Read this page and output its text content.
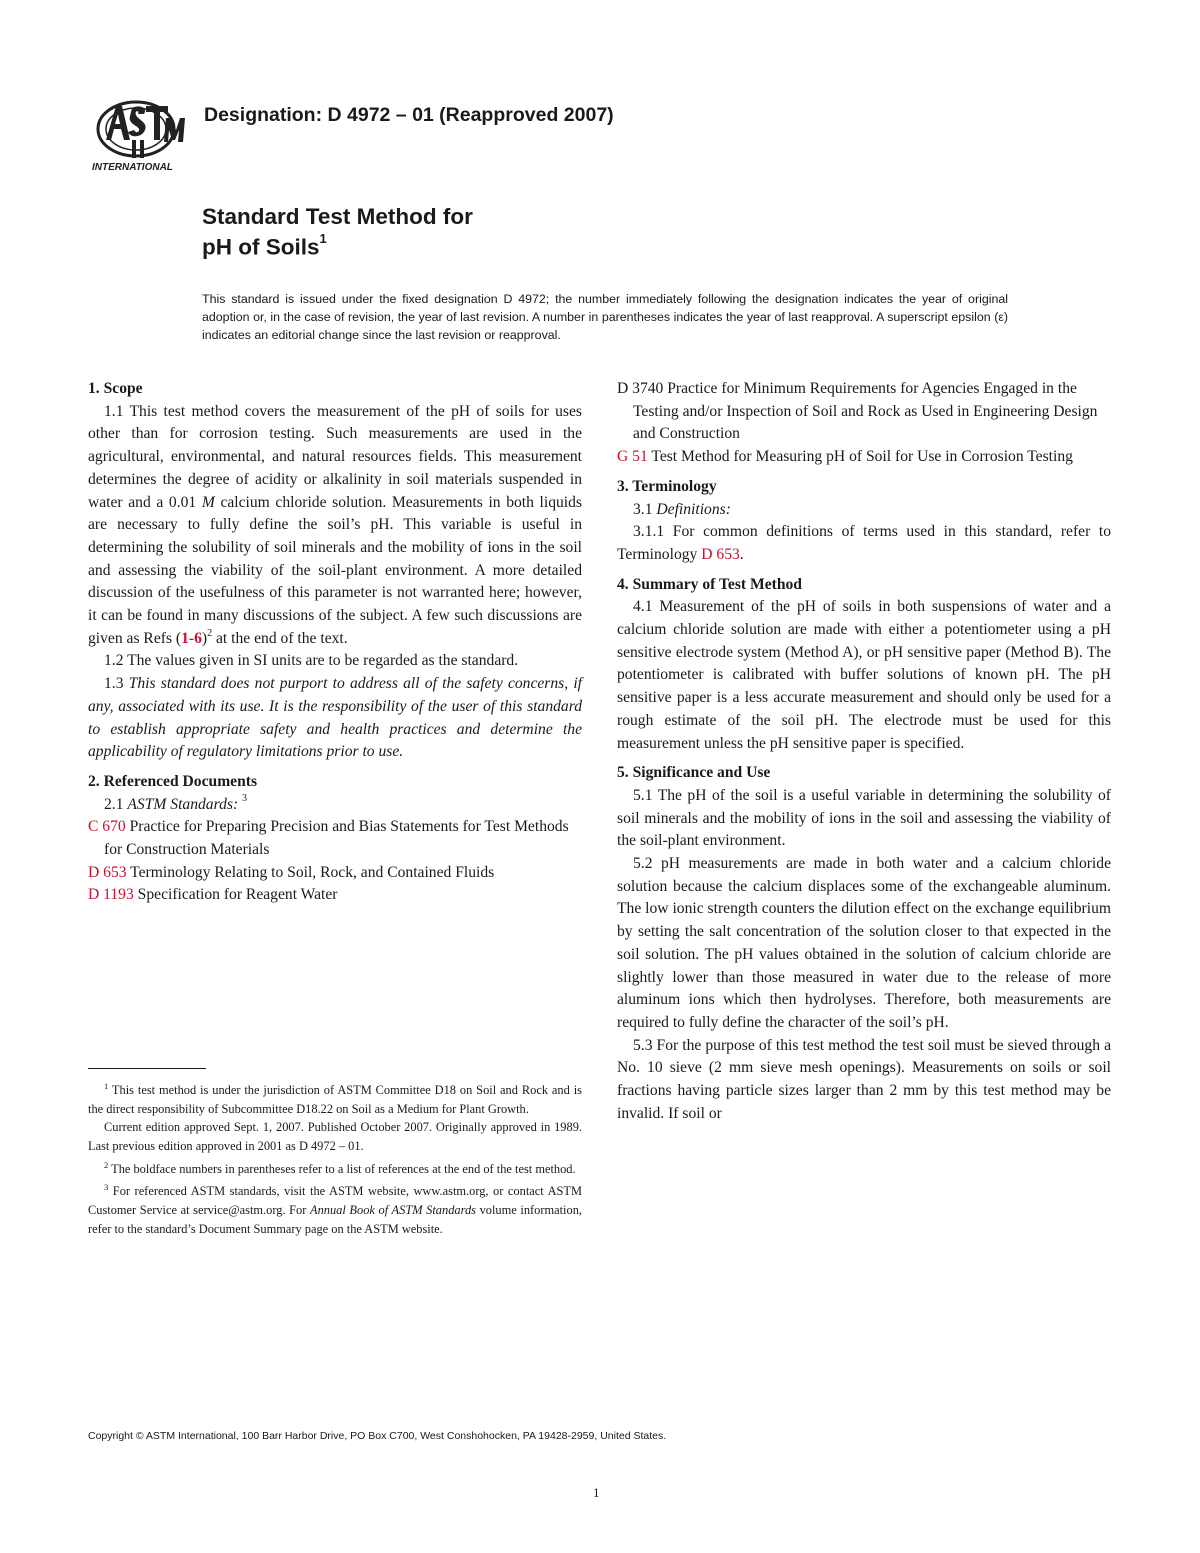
INTERNATIONAL

Designation: D 4972 – 01 (Reapproved 2007)

Standard Test Method for

pH of Soils$^1$

This standard is issued under the fixed designation D 4972; the number immediately following the designation indicates the year of original adoption or, in the case of revision, the year of last revision. A number in parentheses indicates the year of last reapproval. A superscript epsilon (ε) indicates an editorial change since the last revision or reapproval.

1. Scope

1.1 This test method covers the measurement of the pH of soils for uses other than for corrosion testing. Such measurements are used in the agricultural, environmental, and natural resources fields. This measurement determines the degree of acidity or alkalinity in soil materials suspended in water and a 0.01 M calcium chloride solution. Measurements in both liquids are necessary to fully define the soil’s pH. This variable is useful in determining the solubility of soil minerals and the mobility of ions in the soil and assessing the viability of the soil-plant environment. A more detailed discussion of the usefulness of this parameter is not warranted here; however, it can be found in many discussions of the subject. A few such discussions are given as Refs $(1-6)^2$ at the end of the text.

1.2 The values given in SI units are to be regarded as the standard.

1.3 This standard does not purport to address all of the safety concerns, if any, associated with its use. It is the responsibility of the user of this standard to establish appropriate safety and health practices and determine the applicability of regulatory limitations prior to use.

2. Referenced Documents

2.1 ASTM Standards: $^3$

C 670 Practice for Preparing Precision and Bias Statements for Test Methods for Construction Materials

D 653 Terminology Relating to Soil, Rock, and Contained Fluids

D 1193 Specification for Reagent Water

$^1$ This test method is under the jurisdiction of ASTM Committee D18 on Soil and Rock and is the direct responsibility of Subcommittee D18.22 on Soil as a Medium for Plant Growth.

Current edition approved Sept. 1, 2007. Published October 2007. Originally approved in 1989. Last previous edition approved in 2001 as D 4972 – 01.

$^2$ The boldface numbers in parentheses refer to a list of references at the end of the test method.

$^3$ For referenced ASTM standards, visit the ASTM website, www.astm.org, or contact ASTM Customer Service at service@astm.org. For Annual Book of ASTM Standards volume information, refer to the standard’s Document Summary page on the ASTM website.

D 3740 Practice for Minimum Requirements for Agencies Engaged in the Testing and/or Inspection of Soil and Rock as Used in Engineering Design and Construction

G 51 Test Method for Measuring pH of Soil for Use in Corrosion Testing

3. Terminology

3.1 Definitions:

3.1.1 For common definitions of terms used in this standard, refer to Terminology D 653.

4. Summary of Test Method

4.1 Measurement of the pH of soils in both suspensions of water and a calcium chloride solution are made with either a potentiometer using a pH sensitive electrode system (Method A), or pH sensitive paper (Method B). The potentiometer is calibrated with buffer solutions of known pH. The pH sensitive paper is a less accurate measurement and should only be used for a rough estimate of the soil pH. The electrode must be used for this measurement unless the pH sensitive paper is specified.

5. Significance and Use

5.1 The pH of the soil is a useful variable in determining the solubility of soil minerals and the mobility of ions in the soil and assessing the viability of the soil-plant environment.

5.2 pH measurements are made in both water and a calcium chloride solution because the calcium displaces some of the exchangeable aluminum. The low ionic strength counters the dilution effect on the exchange equilibrium by setting the salt concentration of the solution closer to that expected in the soil solution. The pH values obtained in the solution of calcium chloride are slightly lower than those measured in water due to the release of more aluminum ions which then hydrolyses. Therefore, both measurements are required to fully define the character of the soil’s pH.

5.3 For the purpose of this test method the test soil must be sieved through a No. 10 sieve (2 mm sieve mesh openings). Measurements on soils or soil fractions having particle sizes larger than 2 mm by this test method may be invalid. If soil or

Copyright © ASTM International, 100 Barr Harbor Drive, PO Box C700, West Conshohocken, PA 19428-2959, United States.

1
